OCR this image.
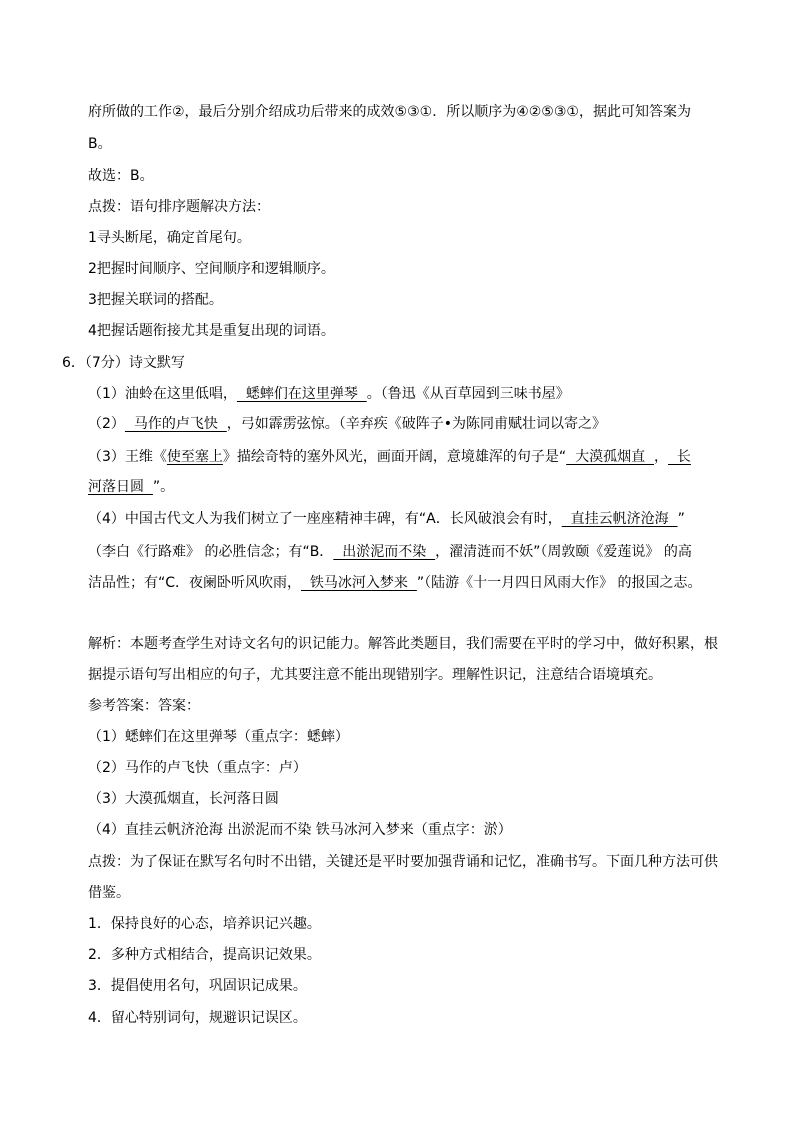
府所做的工作②，最后分别介绍成功后带来的成效⑤③①．所以顺序为④②⑤③①，据此可知答案为
B。
故选：B。
点拨：语句排序题解决方法：
1寻头断尾，确定首尾句。
2把握时间顺序、空间顺序和逻辑顺序。
3把握关联词的搭配。
4把握话题衔接尤其是重复出现的词语。
6．（7分）诗文默写
（1）油蛉在这里低唱，  蟋蟀们在这里弹琴  。（鲁迅《从百草园到三味书屋》
（2）  马作的卢飞快  ，弓如霹雳弦惊。（辛弃疾《破阵子•为陈同甫赋壮词以寄之》
（3）王维《使至塞上》描绘奇特的塞外风光，画面开阔，意境雄浑的句子是“  大漠孤烟直  ，  长
河落日圆  ”。
（4）中国古代文人为我们树立了一座座精神丰碑，有“A．长风破浪会有时，  直挂云帆济沧海  ”
（李白《行路难》 的必胜信念；有“B．  出淤泥而不染  ，濯清涟而不妖”（周敦颐《爱莲说》 的高
洁品性；有“C．夜阑卧听风吹雨，  铁马冰河入梦来  ”（陆游《十一月四日风雨大作》 的报国之志。
解析：本题考查学生对诗文名句的识记能力。解答此类题目，我们需要在平时的学习中，做好积累，根
据提示语句写出相应的句子，尤其要注意不能出现错别字。理解性识记，注意结合语境填充。
参考答案：答案：
（1）蟋蟀们在这里弹琴（重点字：蟋蟀）
（2）马作的卢飞快（重点字：卢）
（3）大漠孤烟直，长河落日圆
（4）直挂云帆济沧海 出淤泥而不染 铁马冰河入梦来（重点字：淤）
点拨：为了保证在默写名句时不出错，关键还是平时要加强背诵和记忆，准确书写。下面几种方法可供
借鉴。
1．保持良好的心态，培养识记兴趣。
2．多种方式相结合，提高识记效果。
3．提倡使用名句，巩固识记成果。
4．留心特别词句，规避识记误区。
